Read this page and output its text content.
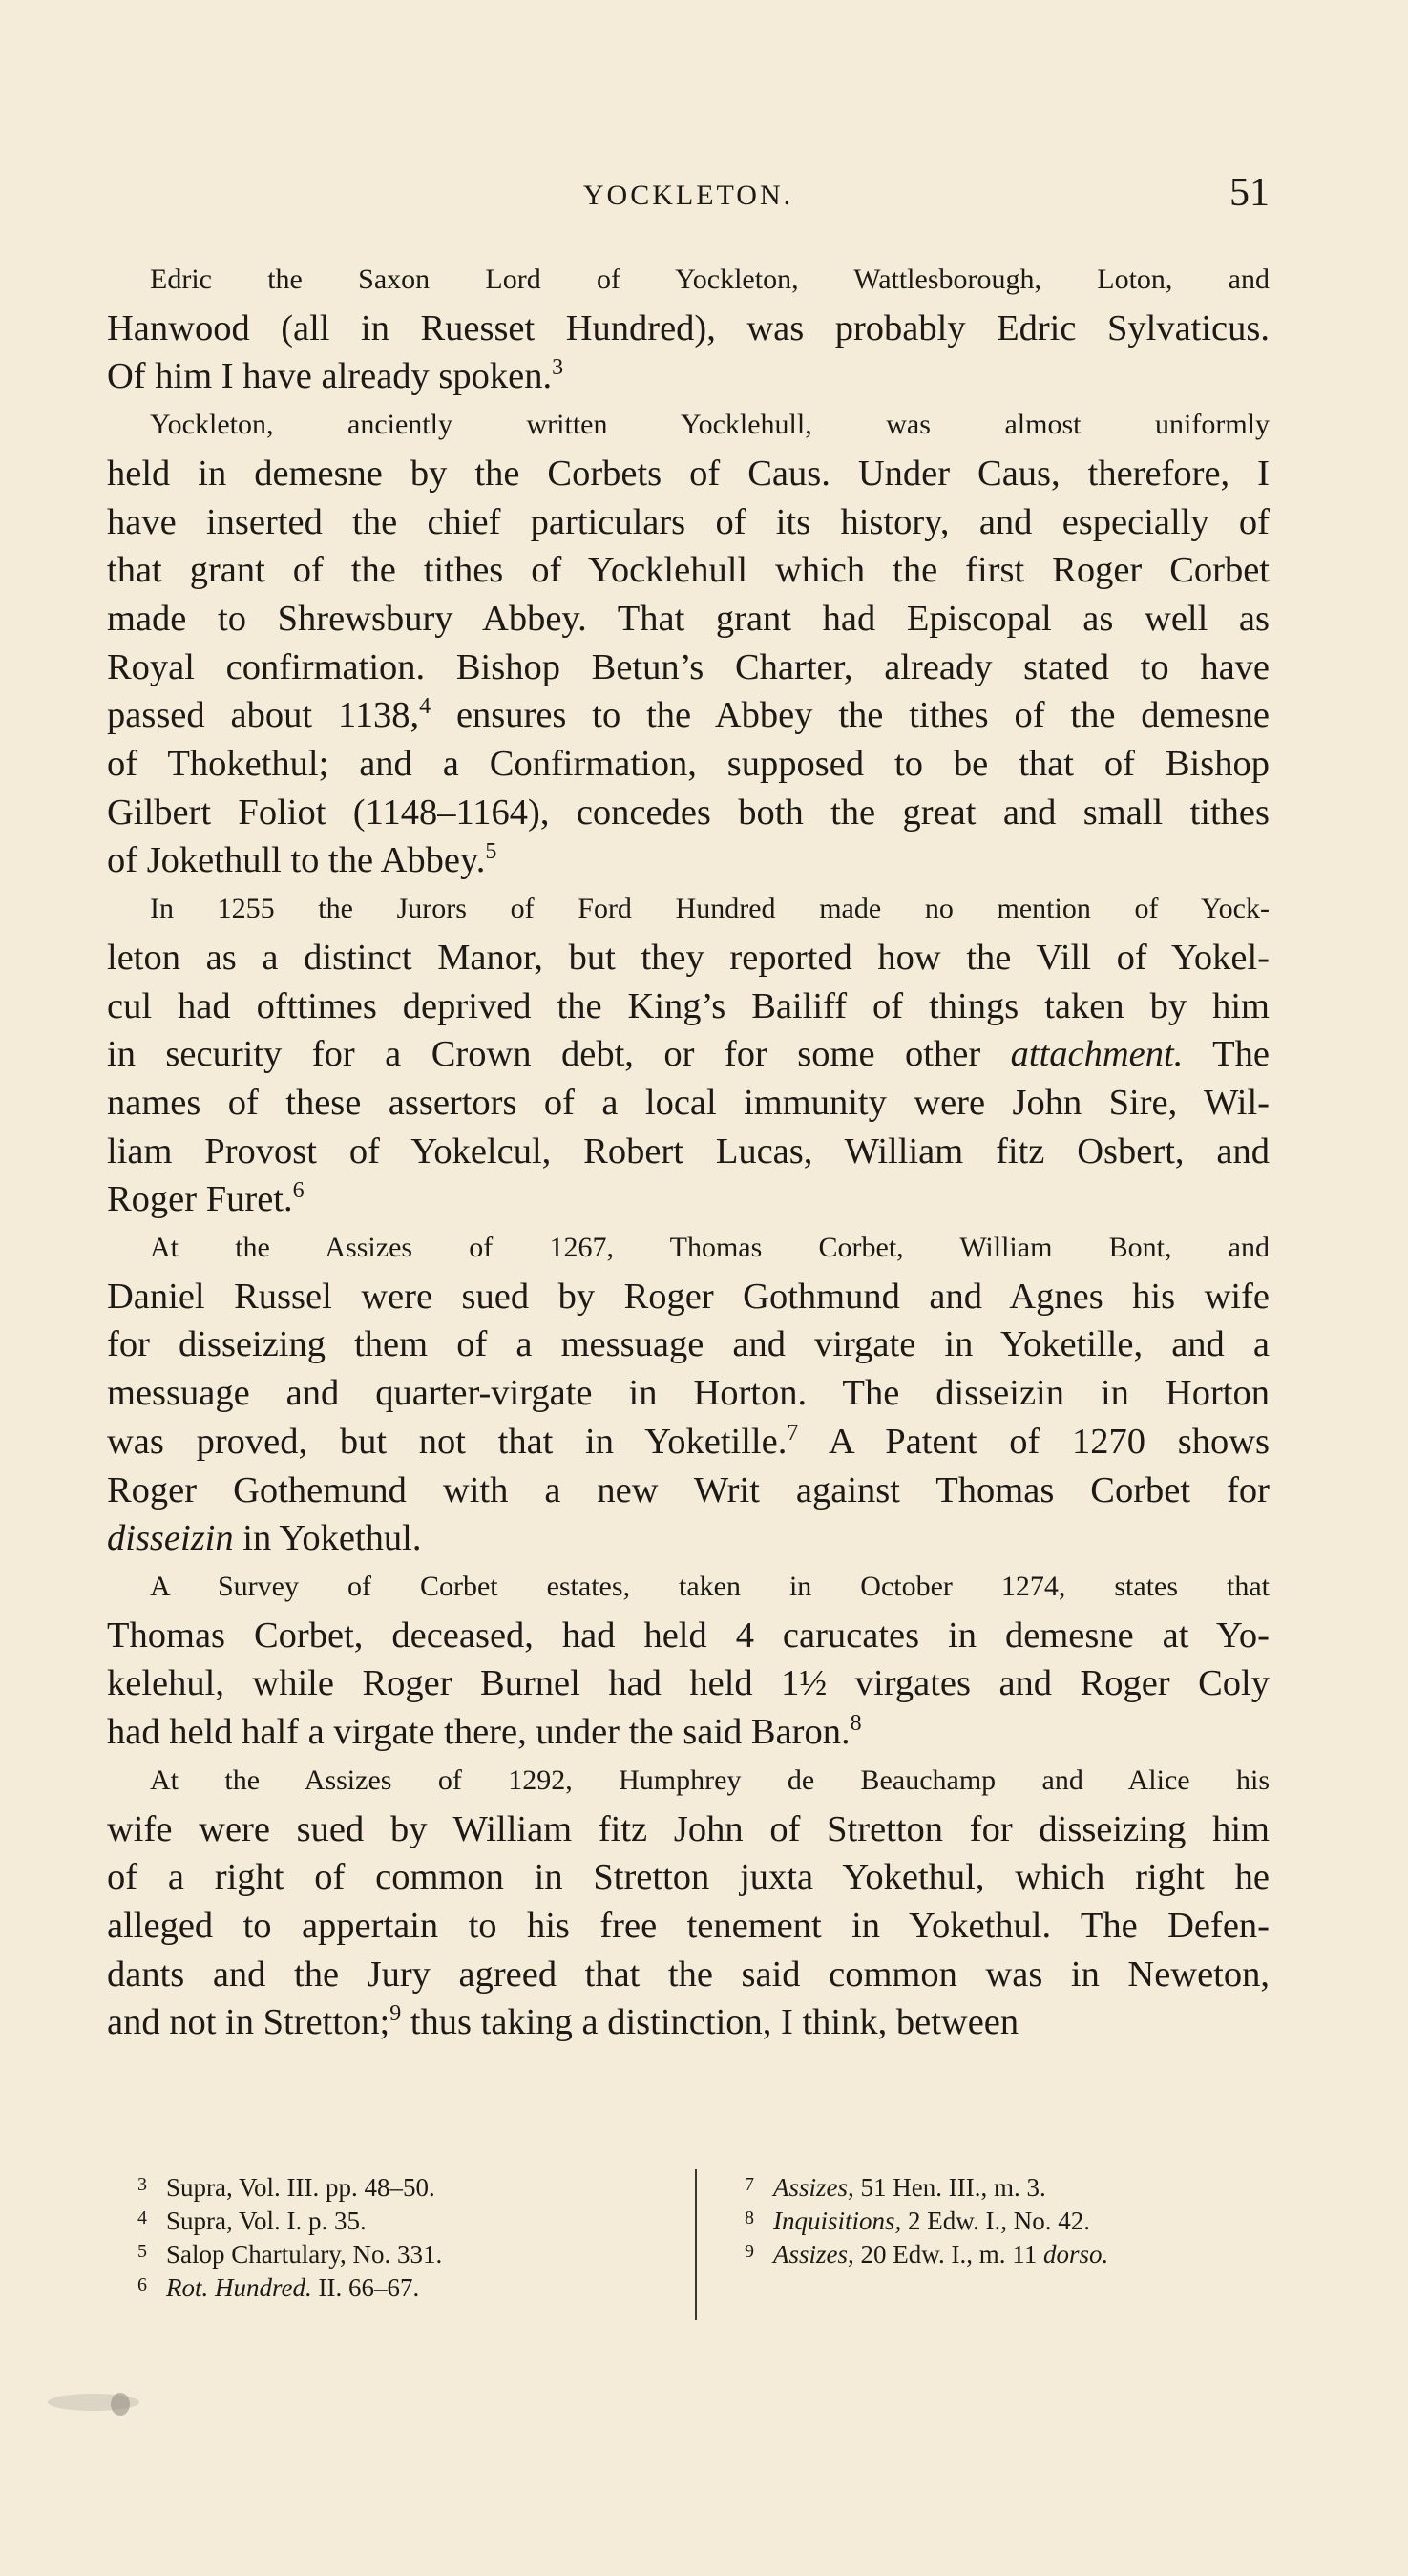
YOCKLETON.	51

Edric the Saxon Lord of Yockleton, Wattlesborough, Loton, and
Hanwood (all in Ruesset Hundred), was probably Edric Sylvaticus.
Of him I have already spoken.$^3$

Yockleton, anciently written Yocklehull, was almost uniformly
held in demesne by the Corbets of Caus. Under Caus, therefore, I
have inserted the chief particulars of its history, and especially of
that grant of the tithes of Yocklehull which the first Roger Corbet
made to Shrewsbury Abbey. That grant had Episcopal as well as
Royal confirmation. Bishop Betun’s Charter, already stated to have
passed about 1138,$^4$ ensures to the Abbey the tithes of the demesne
of Thokethul; and a Confirmation, supposed to be that of Bishop
Gilbert Foliot (1148–1164), concedes both the great and small tithes
of Jokethull to the Abbey.$^5$

In 1255 the Jurors of Ford Hundred made no mention of Yock-
leton as a distinct Manor, but they reported how the Vill of Yokel-
cul had ofttimes deprived the King’s Bailiff of things taken by him
in security for a Crown debt, or for some other attachment. The
names of these assertors of a local immunity were John Sire, Wil-
liam Provost of Yokelcul, Robert Lucas, William fitz Osbert, and
Roger Furet.$^6$

At the Assizes of 1267, Thomas Corbet, William Bont, and
Daniel Russel were sued by Roger Gothmund and Agnes his wife
for disseizing them of a messuage and virgate in Yoketille, and a
messuage and quarter-virgate in Horton. The disseizin in Horton
was proved, but not that in Yoketille.$^7$ A Patent of 1270 shows
Roger Gothemund with a new Writ against Thomas Corbet for
disseizin in Yokethul.

A Survey of Corbet estates, taken in October 1274, states that
Thomas Corbet, deceased, had held 4 carucates in demesne at Yo-
kelehul, while Roger Burnel had held 1½ virgates and Roger Coly
had held half a virgate there, under the said Baron.$^8$

At the Assizes of 1292, Humphrey de Beauchamp and Alice his
wife were sued by William fitz John of Stretton for disseizing him
of a right of common in Stretton juxta Yokethul, which right he
alleged to appertain to his free tenement in Yokethul. The Defen-
dants and the Jury agreed that the said common was in Neweton,
and not in Stretton;$^9$ thus taking a distinction, I think, between

3 Supra, Vol. III. pp. 48–50.
4 Supra, Vol. I. p. 35.
5 Salop Chartulary, No. 331.
6 Rot. Hundred. II. 66–67.
7 Assizes, 51 Hen. III., m. 3.
8 Inquisitions, 2 Edw. I., No. 42.
9 Assizes, 20 Edw. I., m. 11 dorso.
